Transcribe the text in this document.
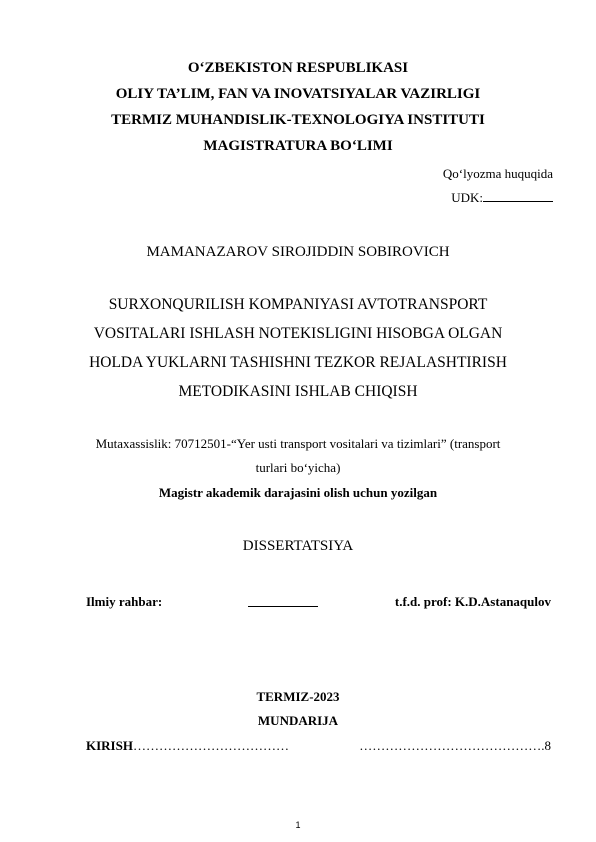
O‘ZBEKISTON RESPUBLIKASI
OLIY TA’LIM, FAN VA INOVATSIYALAR VAZIRLIGI
TERMIZ MUHANDISLIK-TEXNOLOGIYA INSTITUTI
MAGISTRATURA BO‘LIMI
Qo‘lyozma huquqida
UDK:
MAMANAZAROV SIROJIDDIN SOBIROVICH
SURXONQURILISH KOMPANIYASI AVTOTRANSPORT
VOSITALARI ISHLASH NOTEKISLIGINI HISOBGA OLGAN
HOLDA YUKLARNI TASHISHNI TEZKOR REJALASHTIRISH
METODIKASINI ISHLAB CHIQISH
Mutaxassislik: 70712501-“Yer usti transport vositalari va tizimlari” (transport
turlari bo‘yicha)
Magistr akademik darajasini olish uchun yozilgan
DISSERTATSIYA
Ilmiy rahbar:	t.f.d. prof: K.D.Astanaqulov
TERMIZ-2023
MUNDARIJA
KIRISH………………………………	…………………………………….8
1
